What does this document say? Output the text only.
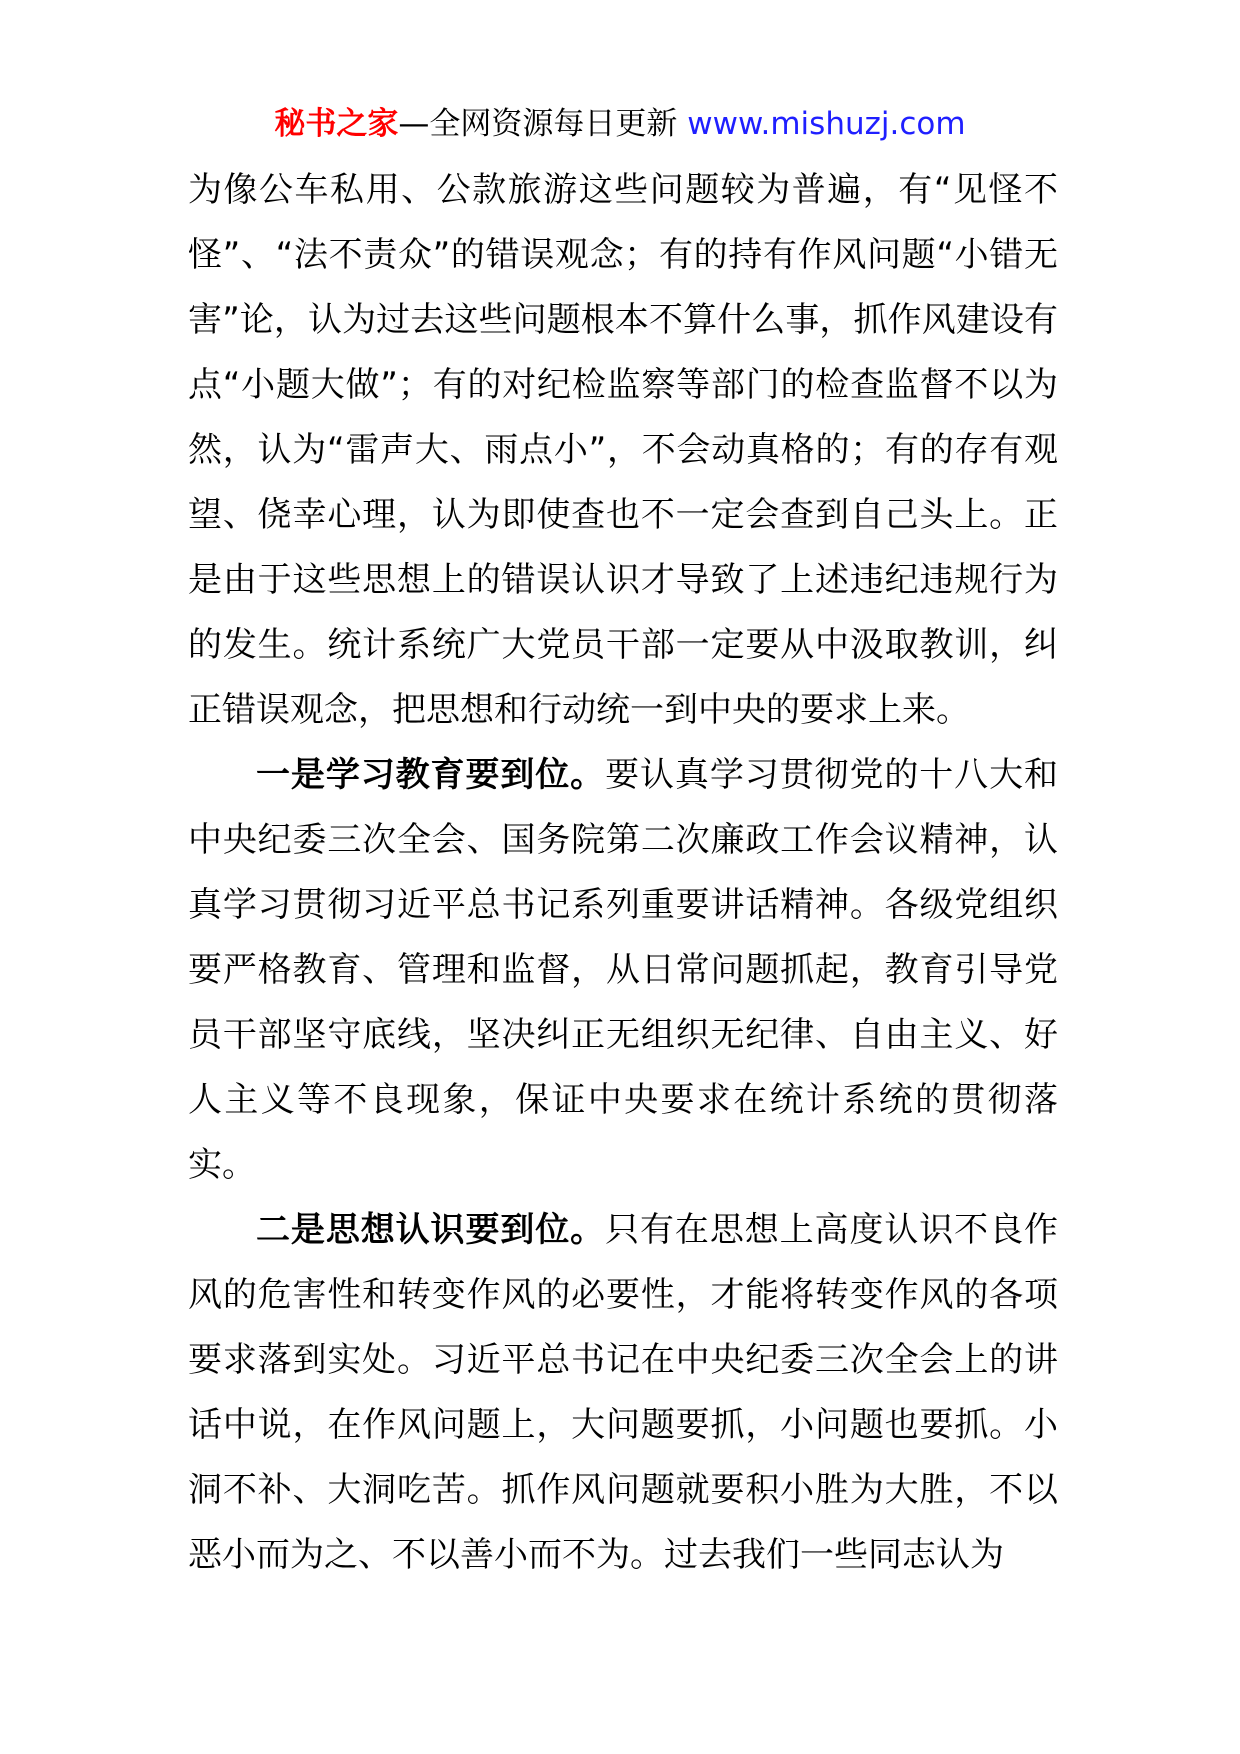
秘书之家—全网资源每日更新 www.mishuzj.com

为像公车私用、公款旅游这些问题较为普遍，有“见怪不怪”、“法不责众”的错误观念；有的持有作风问题“小错无害”论，认为过去这些问题根本不算什么事，抓作风建设有点“小题大做”；有的对纪检监察等部门的检查监督不以为然，认为“雷声大、雨点小”，不会动真格的；有的存有观望、侥幸心理，认为即使查也不一定会查到自己头上。正是由于这些思想上的错误认识才导致了上述违纪违规行为的发生。统计系统广大党员干部一定要从中汲取教训，纠正错误观念，把思想和行动统一到中央的要求上来。

一是学习教育要到位。要认真学习贯彻党的十八大和中央纪委三次全会、国务院第二次廉政工作会议精神，认真学习贯彻习近平总书记系列重要讲话精神。各级党组织要严格教育、管理和监督，从日常问题抓起，教育引导党员干部坚守底线，坚决纠正无组织无纪律、自由主义、好人主义等不良现象，保证中央要求在统计系统的贯彻落实。

二是思想认识要到位。只有在思想上高度认识不良作风的危害性和转变作风的必要性，才能将转变作风的各项要求落到实处。习近平总书记在中央纪委三次全会上的讲话中说，在作风问题上，大问题要抓，小问题也要抓。小洞不补、大洞吃苦。抓作风问题就要积小胜为大胜，不以恶小而为之、不以善小而不为。过去我们一些同志认为
